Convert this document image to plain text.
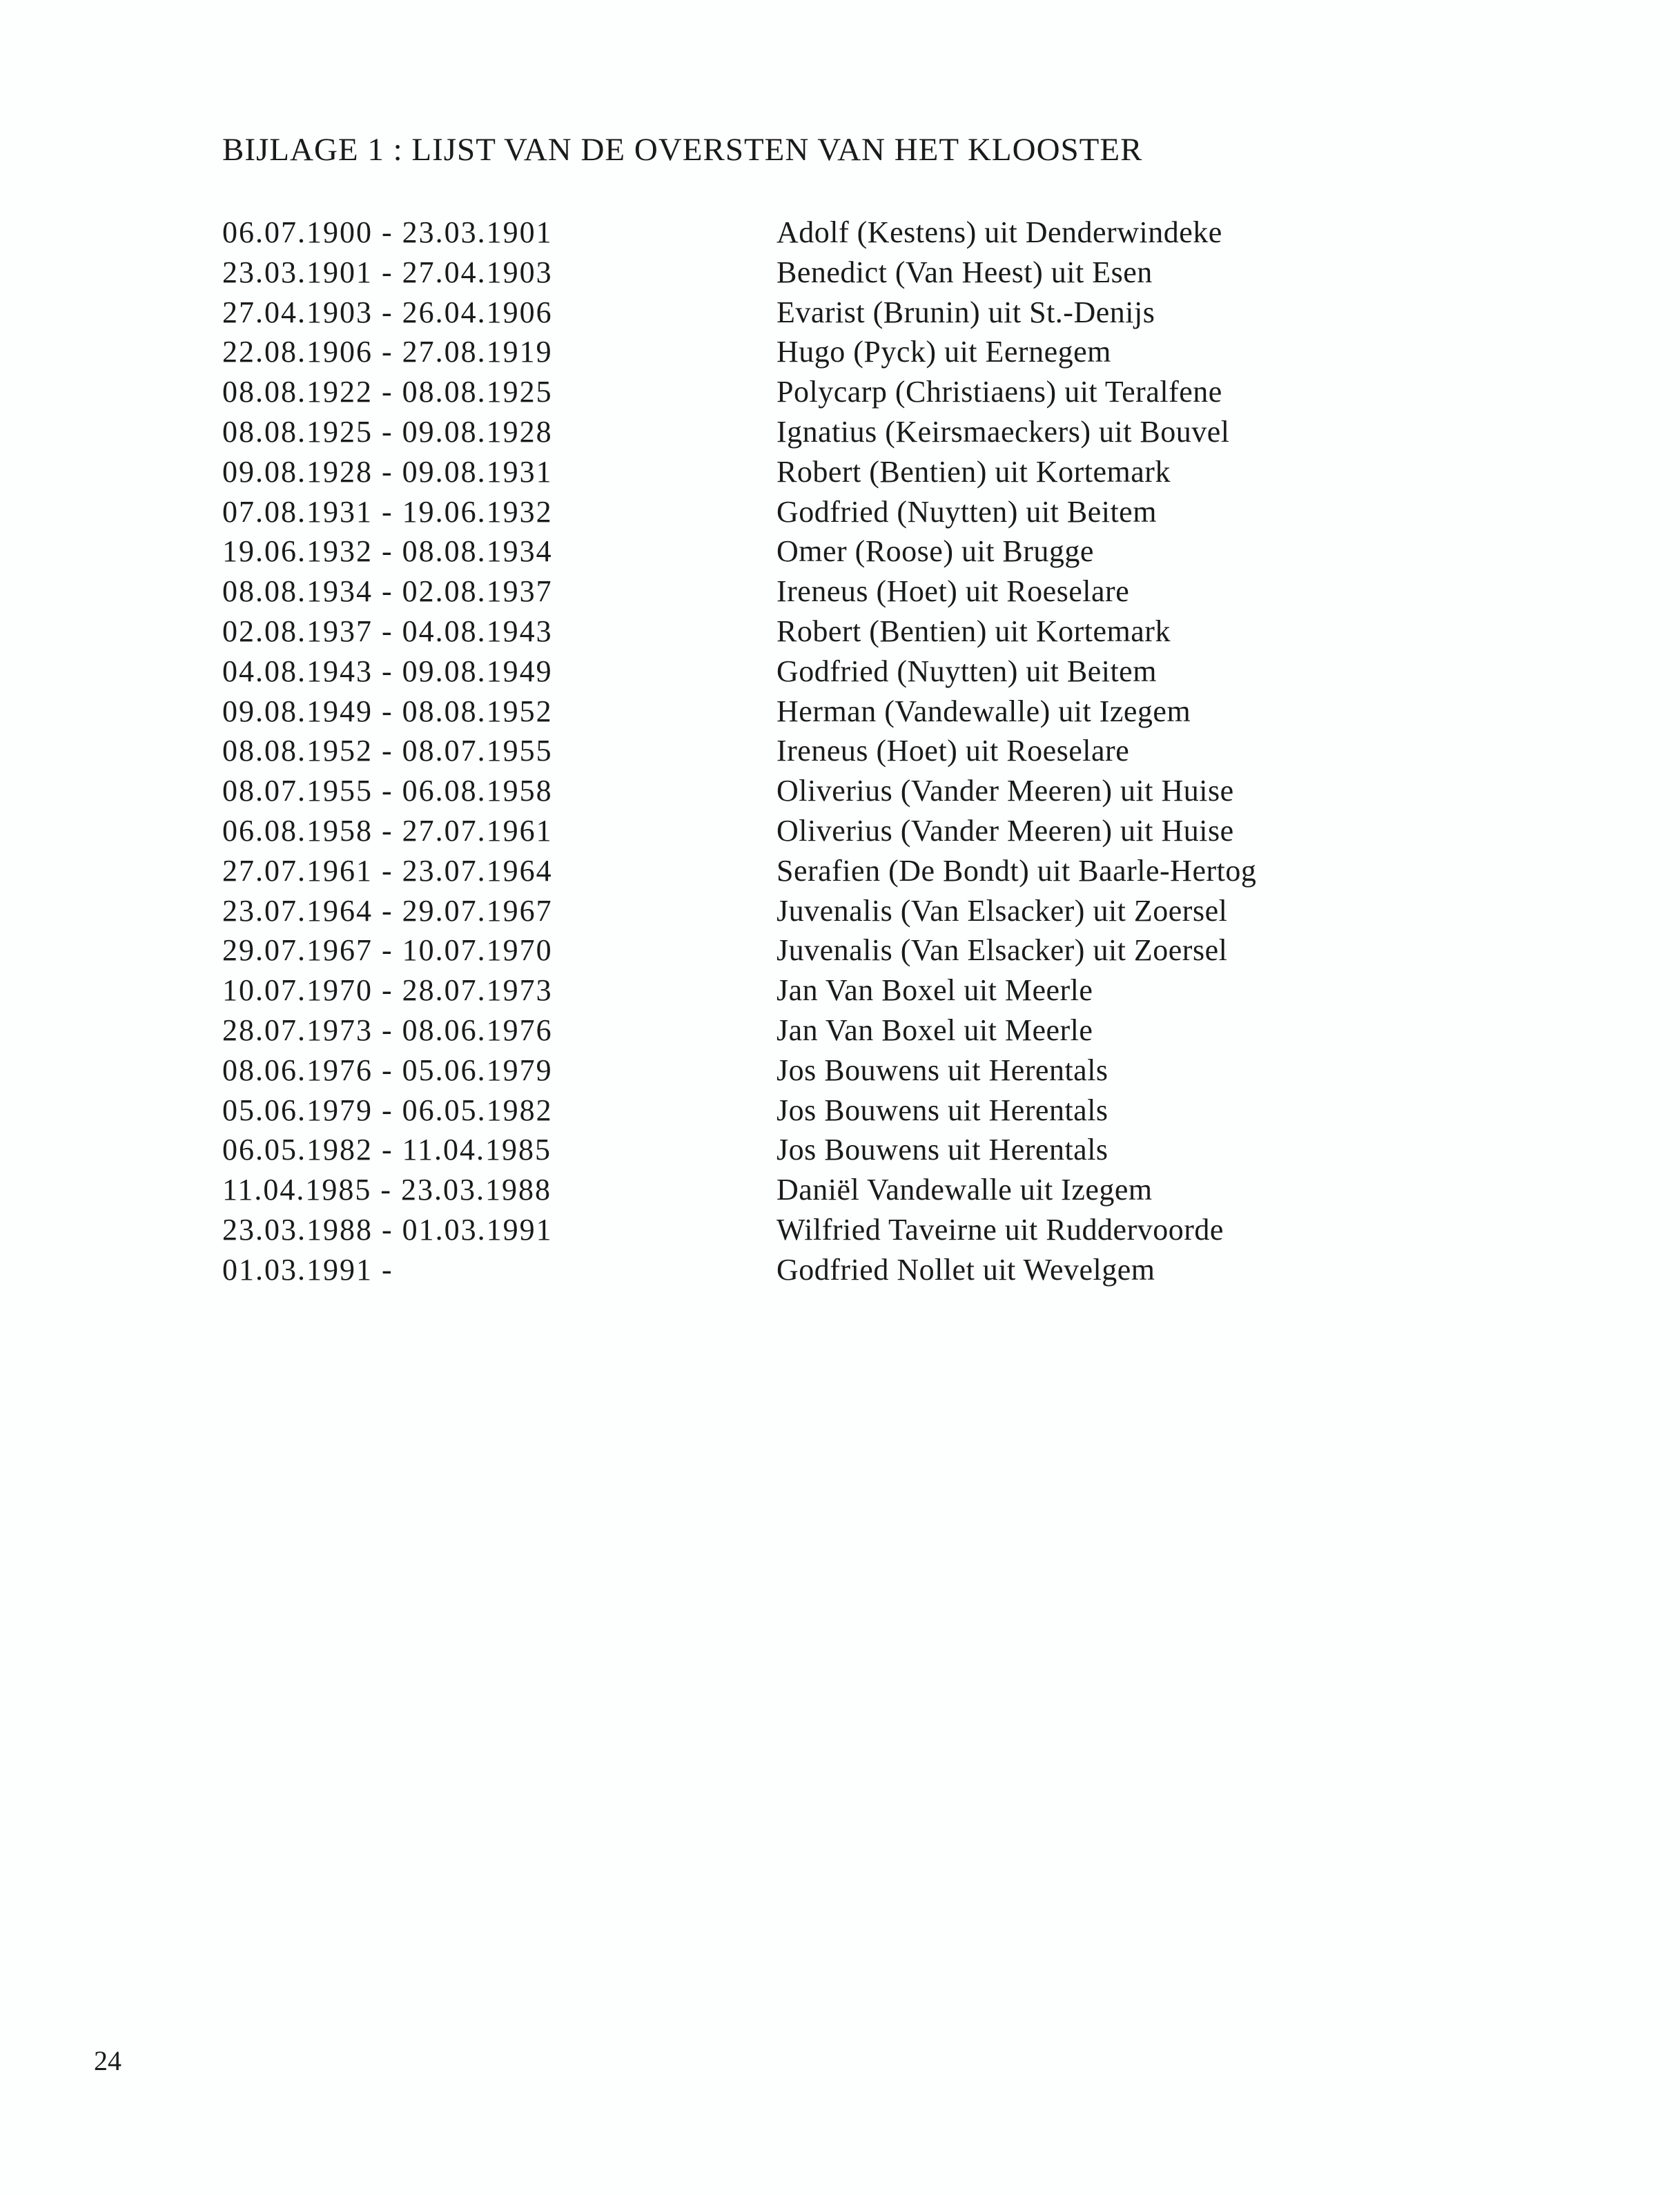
BIJLAGE 1 : LIJST VAN DE OVERSTEN VAN HET KLOOSTER
06.07.1900 - 23.03.1901	Adolf (Kestens) uit Denderwindeke
23.03.1901 - 27.04.1903	Benedict (Van Heest) uit Esen
27.04.1903 - 26.04.1906	Evarist (Brunin) uit St.-Denijs
22.08.1906 - 27.08.1919	Hugo (Pyck) uit Eernegem
08.08.1922 - 08.08.1925	Polycarp (Christiaens) uit Teralfene
08.08.1925 - 09.08.1928	Ignatius (Keirsmaeckers) uit Bouvel
09.08.1928 - 09.08.1931	Robert (Bentien) uit Kortemark
07.08.1931 - 19.06.1932	Godfried (Nuytten) uit Beitem
19.06.1932 - 08.08.1934	Omer (Roose) uit Brugge
08.08.1934 - 02.08.1937	Ireneus (Hoet) uit Roeselare
02.08.1937 - 04.08.1943	Robert (Bentien) uit Kortemark
04.08.1943 - 09.08.1949	Godfried (Nuytten) uit Beitem
09.08.1949 - 08.08.1952	Herman (Vandewalle) uit Izegem
08.08.1952 - 08.07.1955	Ireneus (Hoet) uit Roeselare
08.07.1955 - 06.08.1958	Oliverius (Vander Meeren) uit Huise
06.08.1958 - 27.07.1961	Oliverius (Vander Meeren) uit Huise
27.07.1961 - 23.07.1964	Serafien (De Bondt) uit Baarle-Hertog
23.07.1964 - 29.07.1967	Juvenalis (Van Elsacker) uit Zoersel
29.07.1967 - 10.07.1970	Juvenalis (Van Elsacker) uit Zoersel
10.07.1970 - 28.07.1973	Jan Van Boxel uit Meerle
28.07.1973 - 08.06.1976	Jan Van Boxel uit Meerle
08.06.1976 - 05.06.1979	Jos Bouwens uit Herentals
05.06.1979 - 06.05.1982	Jos Bouwens uit Herentals
06.05.1982 - 11.04.1985	Jos Bouwens uit Herentals
11.04.1985 - 23.03.1988	Daniël Vandewalle uit Izegem
23.03.1988 - 01.03.1991	Wilfried Taveirne uit Ruddervoorde
01.03.1991 -	Godfried Nollet uit Wevelgem
24
